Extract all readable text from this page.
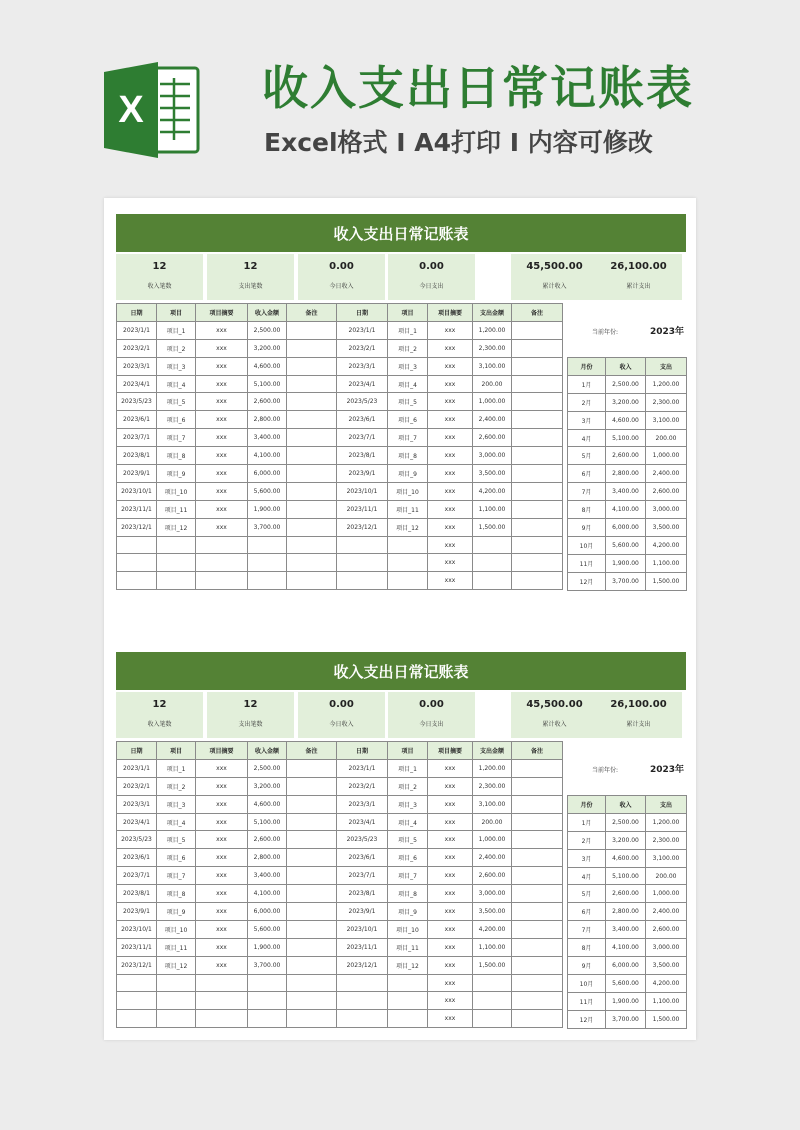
X	收入支出日常记账表
Excel格式 I A4打印 I 内容可修改
收入支出日常记账表
12
收入笔数
12
支出笔数
0.00
今日收入
0.00
今日支出
45,500.00
累计收入
26,100.00
累计支出
日期	项目	项目摘要	收入金额	备注	日期	项目	项目摘要	支出金额	备注
2023/1/1	项目_1	xxx	2,500.00		2023/1/1	项目_1	xxx	1,200.00	
2023/2/1	项目_2	xxx	3,200.00		2023/2/1	项目_2	xxx	2,300.00	
2023/3/1	项目_3	xxx	4,600.00		2023/3/1	项目_3	xxx	3,100.00	
2023/4/1	项目_4	xxx	5,100.00		2023/4/1	项目_4	xxx	200.00	
2023/5/23	项目_5	xxx	2,600.00		2023/5/23	项目_5	xxx	1,000.00	
2023/6/1	项目_6	xxx	2,800.00		2023/6/1	项目_6	xxx	2,400.00	
2023/7/1	项目_7	xxx	3,400.00		2023/7/1	项目_7	xxx	2,600.00	
2023/8/1	项目_8	xxx	4,100.00		2023/8/1	项目_8	xxx	3,000.00	
2023/9/1	项目_9	xxx	6,000.00		2023/9/1	项目_9	xxx	3,500.00	
2023/10/1	项目_10	xxx	5,600.00		2023/10/1	项目_10	xxx	4,200.00	
2023/11/1	项目_11	xxx	1,900.00		2023/11/1	项目_11	xxx	1,100.00	
2023/12/1	项目_12	xxx	3,700.00		2023/12/1	项目_12	xxx	1,500.00	
							xxx		
							xxx		
							xxx		
当前年份:	2023年
月份	收入	支出
1月	2,500.00	1,200.00
2月	3,200.00	2,300.00
3月	4,600.00	3,100.00
4月	5,100.00	200.00
5月	2,600.00	1,000.00
6月	2,800.00	2,400.00
7月	3,400.00	2,600.00
8月	4,100.00	3,000.00
9月	6,000.00	3,500.00
10月	5,600.00	4,200.00
11月	1,900.00	1,100.00
12月	3,700.00	1,500.00
收入支出日常记账表
12
收入笔数
12
支出笔数
0.00
今日收入
0.00
今日支出
45,500.00
累计收入
26,100.00
累计支出
日期	项目	项目摘要	收入金额	备注	日期	项目	项目摘要	支出金额	备注
2023/1/1	项目_1	xxx	2,500.00		2023/1/1	项目_1	xxx	1,200.00	
2023/2/1	项目_2	xxx	3,200.00		2023/2/1	项目_2	xxx	2,300.00	
2023/3/1	项目_3	xxx	4,600.00		2023/3/1	项目_3	xxx	3,100.00	
2023/4/1	项目_4	xxx	5,100.00		2023/4/1	项目_4	xxx	200.00	
2023/5/23	项目_5	xxx	2,600.00		2023/5/23	项目_5	xxx	1,000.00	
2023/6/1	项目_6	xxx	2,800.00		2023/6/1	项目_6	xxx	2,400.00	
2023/7/1	项目_7	xxx	3,400.00		2023/7/1	项目_7	xxx	2,600.00	
2023/8/1	项目_8	xxx	4,100.00		2023/8/1	项目_8	xxx	3,000.00	
2023/9/1	项目_9	xxx	6,000.00		2023/9/1	项目_9	xxx	3,500.00	
2023/10/1	项目_10	xxx	5,600.00		2023/10/1	项目_10	xxx	4,200.00	
2023/11/1	项目_11	xxx	1,900.00		2023/11/1	项目_11	xxx	1,100.00	
2023/12/1	项目_12	xxx	3,700.00		2023/12/1	项目_12	xxx	1,500.00	
							xxx		
							xxx		
							xxx		
当前年份:	2023年
月份	收入	支出
1月	2,500.00	1,200.00
2月	3,200.00	2,300.00
3月	4,600.00	3,100.00
4月	5,100.00	200.00
5月	2,600.00	1,000.00
6月	2,800.00	2,400.00
7月	3,400.00	2,600.00
8月	4,100.00	3,000.00
9月	6,000.00	3,500.00
10月	5,600.00	4,200.00
11月	1,900.00	1,100.00
12月	3,700.00	1,500.00
